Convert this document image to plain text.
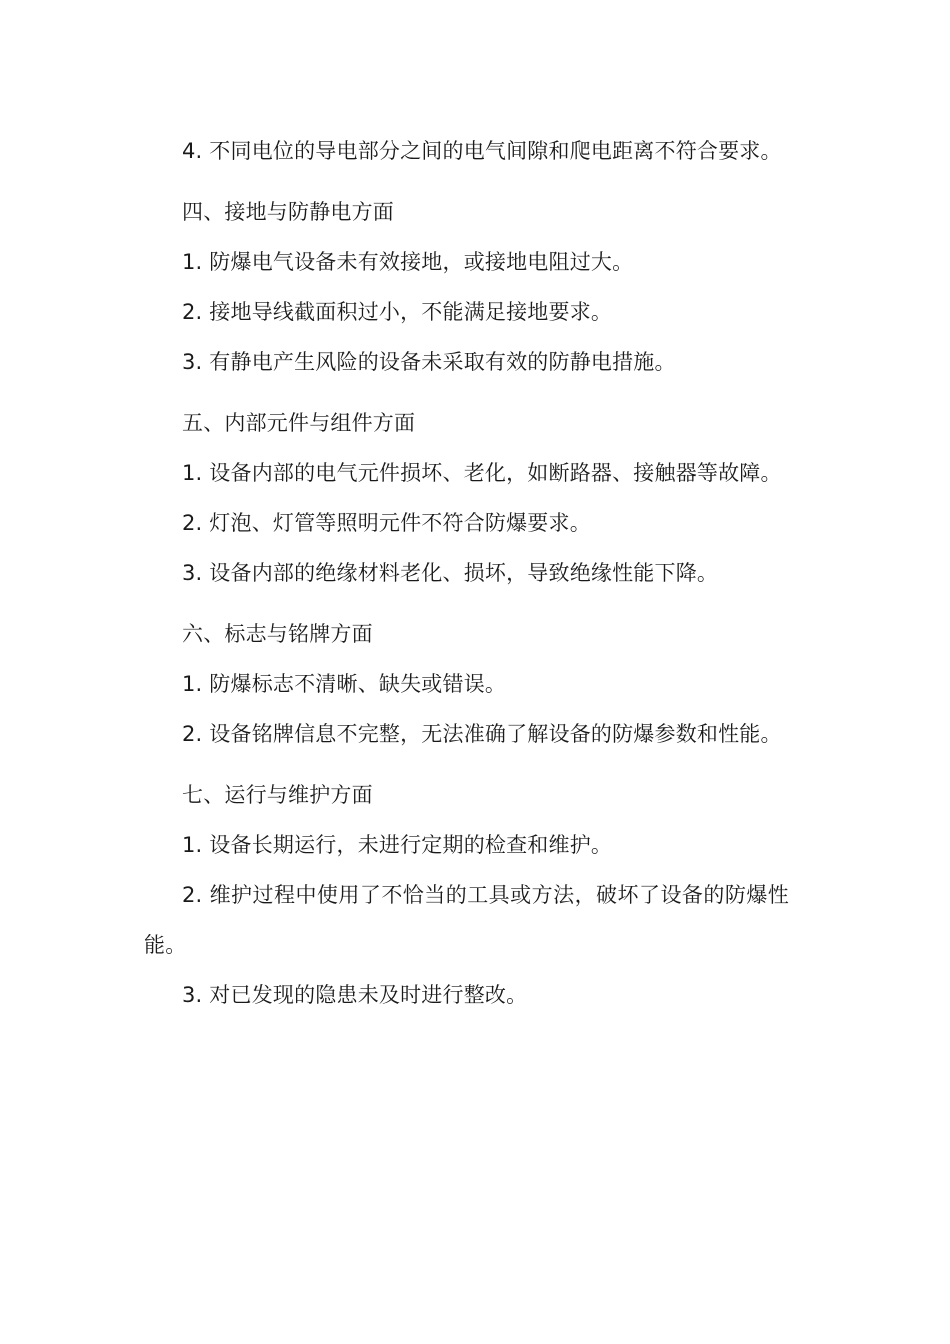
4. 不同电位的导电部分之间的电气间隙和爬电距离不符合要求。

四、接地与防静电方面

1. 防爆电气设备未有效接地，或接地电阻过大。

2. 接地导线截面积过小，不能满足接地要求。

3. 有静电产生风险的设备未采取有效的防静电措施。

五、内部元件与组件方面

1. 设备内部的电气元件损坏、老化，如断路器、接触器等故障。

2. 灯泡、灯管等照明元件不符合防爆要求。

3. 设备内部的绝缘材料老化、损坏，导致绝缘性能下降。

六、标志与铭牌方面

1. 防爆标志不清晰、缺失或错误。

2. 设备铭牌信息不完整，无法准确了解设备的防爆参数和性能。

七、运行与维护方面

1. 设备长期运行，未进行定期的检查和维护。

2. 维护过程中使用了不恰当的工具或方法，破坏了设备的防爆性能。

3. 对已发现的隐患未及时进行整改。
